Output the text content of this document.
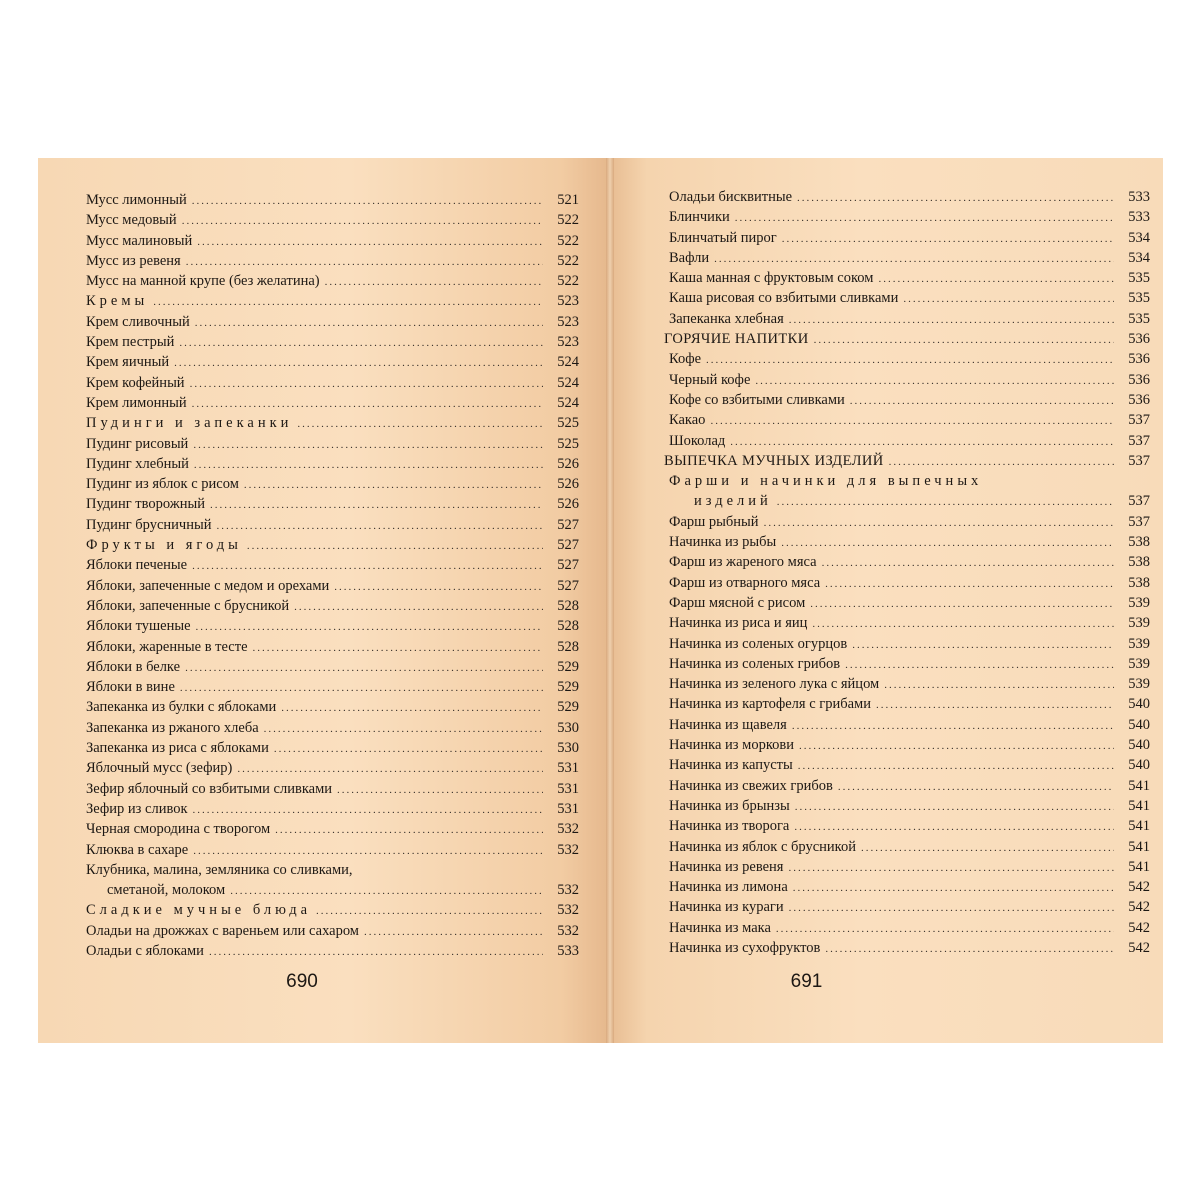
Мусс лимонный .....	521
Мусс медовый .....	522
Мусс малиновый .....	522
Мусс из ревеня .....	522
Мусс на манной крупе (без желатина) .....	522
Кремы .....	523
Крем сливочный .....	523
Крем пестрый .....	523
Крем яичный .....	524
Крем кофейный .....	524
Крем лимонный .....	524
Пудинги и запеканки .....	525
Пудинг рисовый .....	525
Пудинг хлебный .....	526
Пудинг из яблок с рисом .....	526
Пудинг творожный .....	526
Пудинг брусничный .....	527
Фрукты и ягоды .....	527
Яблоки печеные .....	527
Яблоки, запеченные с медом и орехами .....	527
Яблоки, запеченные с брусникой .....	528
Яблоки тушеные .....	528
Яблоки, жаренные в тесте .....	528
Яблоки в белке .....	529
Яблоки в вине .....	529
Запеканка из булки с яблоками .....	529
Запеканка из ржаного хлеба .....	530
Запеканка из риса с яблоками .....	530
Яблочный мусс (зефир) .....	531
Зефир яблочный со взбитыми сливками .....	531
Зефир из сливок .....	531
Черная смородина с творогом .....	532
Клюква в сахаре .....	532
Клубника, малина, земляника со сливками,
сметаной, молоком .....	532
Сладкие мучные блюда .....	532
Оладьи на дрожжах с вареньем или сахаром .....	532
Оладьи с яблоками .....	533
690
Оладьи бисквитные .....	533
Блинчики .....	533
Блинчатый пирог .....	534
Вафли .....	534
Каша манная с фруктовым соком .....	535
Каша рисовая со взбитыми сливками .....	535
Запеканка хлебная .....	535
ГОРЯЧИЕ НАПИТКИ .....	536
Кофе .....	536
Черный кофе .....	536
Кофе со взбитыми сливками .....	536
Какао .....	537
Шоколад .....	537
ВЫПЕЧКА МУЧНЫХ ИЗДЕЛИЙ .....	537
Фарши и начинки для выпечных
изделий .....	537
Фарш рыбный .....	537
Начинка из рыбы .....	538
Фарш из жареного мяса .....	538
Фарш из отварного мяса .....	538
Фарш мясной с рисом .....	539
Начинка из риса и яиц .....	539
Начинка из соленых огурцов .....	539
Начинка из соленых грибов .....	539
Начинка из зеленого лука с яйцом .....	539
Начинка из картофеля с грибами .....	540
Начинка из щавеля .....	540
Начинка из моркови .....	540
Начинка из капусты .....	540
Начинка из свежих грибов .....	541
Начинка из брынзы .....	541
Начинка из творога .....	541
Начинка из яблок с брусникой .....	541
Начинка из ревеня .....	541
Начинка из лимона .....	542
Начинка из кураги .....	542
Начинка из мака .....	542
Начинка из сухофруктов .....	542
691
